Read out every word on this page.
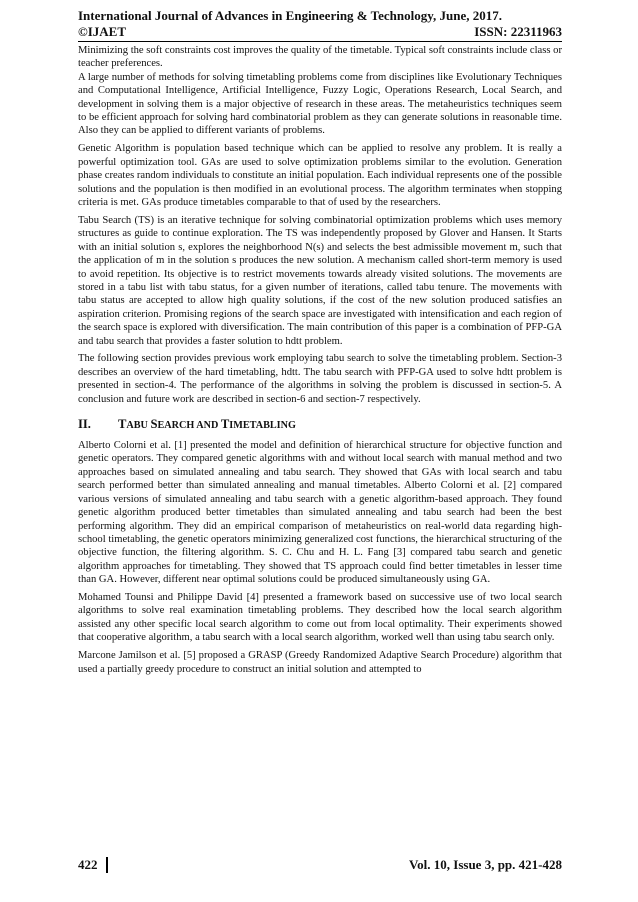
International Journal of Advances in Engineering & Technology, June, 2017.
©IJAET	ISSN: 22311963

Minimizing the soft constraints cost improves the quality of the timetable. Typical soft constraints include class or teacher preferences.

A large number of methods for solving timetabling problems come from disciplines like Evolutionary Techniques and Computational Intelligence, Artificial Intelligence, Fuzzy Logic, Operations Research, Local Search, and development in solving them is a major objective of research in these areas. The metaheuristics techniques seem to be efficient approach for solving hard combinatorial problem as they can generate solutions in reasonable time. Also they can be applied to different variants of problems.

Genetic Algorithm is population based technique which can be applied to resolve any problem. It is really a powerful optimization tool. GAs are used to solve optimization problems similar to the evolution. Generation phase creates random individuals to constitute an initial population. Each individual represents one of the possible solutions and the population is then modified in an evolutional process. The algorithm terminates when stopping criteria is met. GAs produce timetables comparable to that of used by the researchers.

Tabu Search (TS) is an iterative technique for solving combinatorial optimization problems which uses memory structures as guide to continue exploration. The TS was independently proposed by Glover and Hansen. It Starts with an initial solution s, explores the neighborhood N(s) and selects the best admissible movement m, such that the application of m in the solution s produces the new solution. A mechanism called short-term memory is used to avoid repetition. Its objective is to restrict movements towards already visited solutions. The movements are stored in a tabu list with tabu status, for a given number of iterations, called tabu tenure. The movements with tabu status are accepted to allow high quality solutions, if the cost of the new solution produced satisfies an aspiration criterion. Promising regions of the search space are investigated with intensification and each region of the search space is explored with diversification. The main contribution of this paper is a combination of PFP-GA and tabu search that provides a faster solution to hdtt problem.

The following section provides previous work employing tabu search to solve the timetabling problem. Section-3 describes an overview of the hard timetabling, hdtt. The tabu search with PFP-GA used to solve hdtt problem is presented in section-4. The performance of the algorithms in solving the problem is discussed in section-5. A conclusion and future work are described in section-6 and section-7 respectively.

II.	TABU SEARCH AND TIMETABLING

Alberto Colorni et al. [1] presented the model and definition of hierarchical structure for objective function and genetic operators. They compared genetic algorithms with and without local search with manual method and two approaches based on simulated annealing and tabu search. They showed that GAs with local search and tabu search performed better than simulated annealing and manual timetables. Alberto Colorni et al. [2] compared various versions of simulated annealing and tabu search with a genetic algorithm-based approach. They found genetic algorithm produced better timetables than simulated annealing and tabu search had been the best performing algorithm. They did an empirical comparison of metaheuristics on real-world data regarding high-school timetabling, the genetic operators minimizing generalized cost functions, the hierarchical structuring of the objective function, the filtering algorithm. S. C. Chu and H. L. Fang [3] compared tabu search and genetic algorithm approaches for timetabling. They showed that TS approach could find better timetables in lesser time than GA. However, different near optimal solutions could be produced simultaneously using GA.

Mohamed Tounsi and Philippe David [4] presented a framework based on successive use of two local search algorithms to solve real examination timetabling problems. They described how the local search algorithm assisted any other specific local search algorithm to come out from local optimality. Their experiments showed that cooperative algorithm, a tabu search with a local search algorithm, worked well than using tabu search only.

Marcone Jamilson et al. [5] proposed a GRASP (Greedy Randomized Adaptive Search Procedure) algorithm that used a partially greedy procedure to construct an initial solution and attempted to

422	Vol. 10, Issue 3, pp. 421-428
